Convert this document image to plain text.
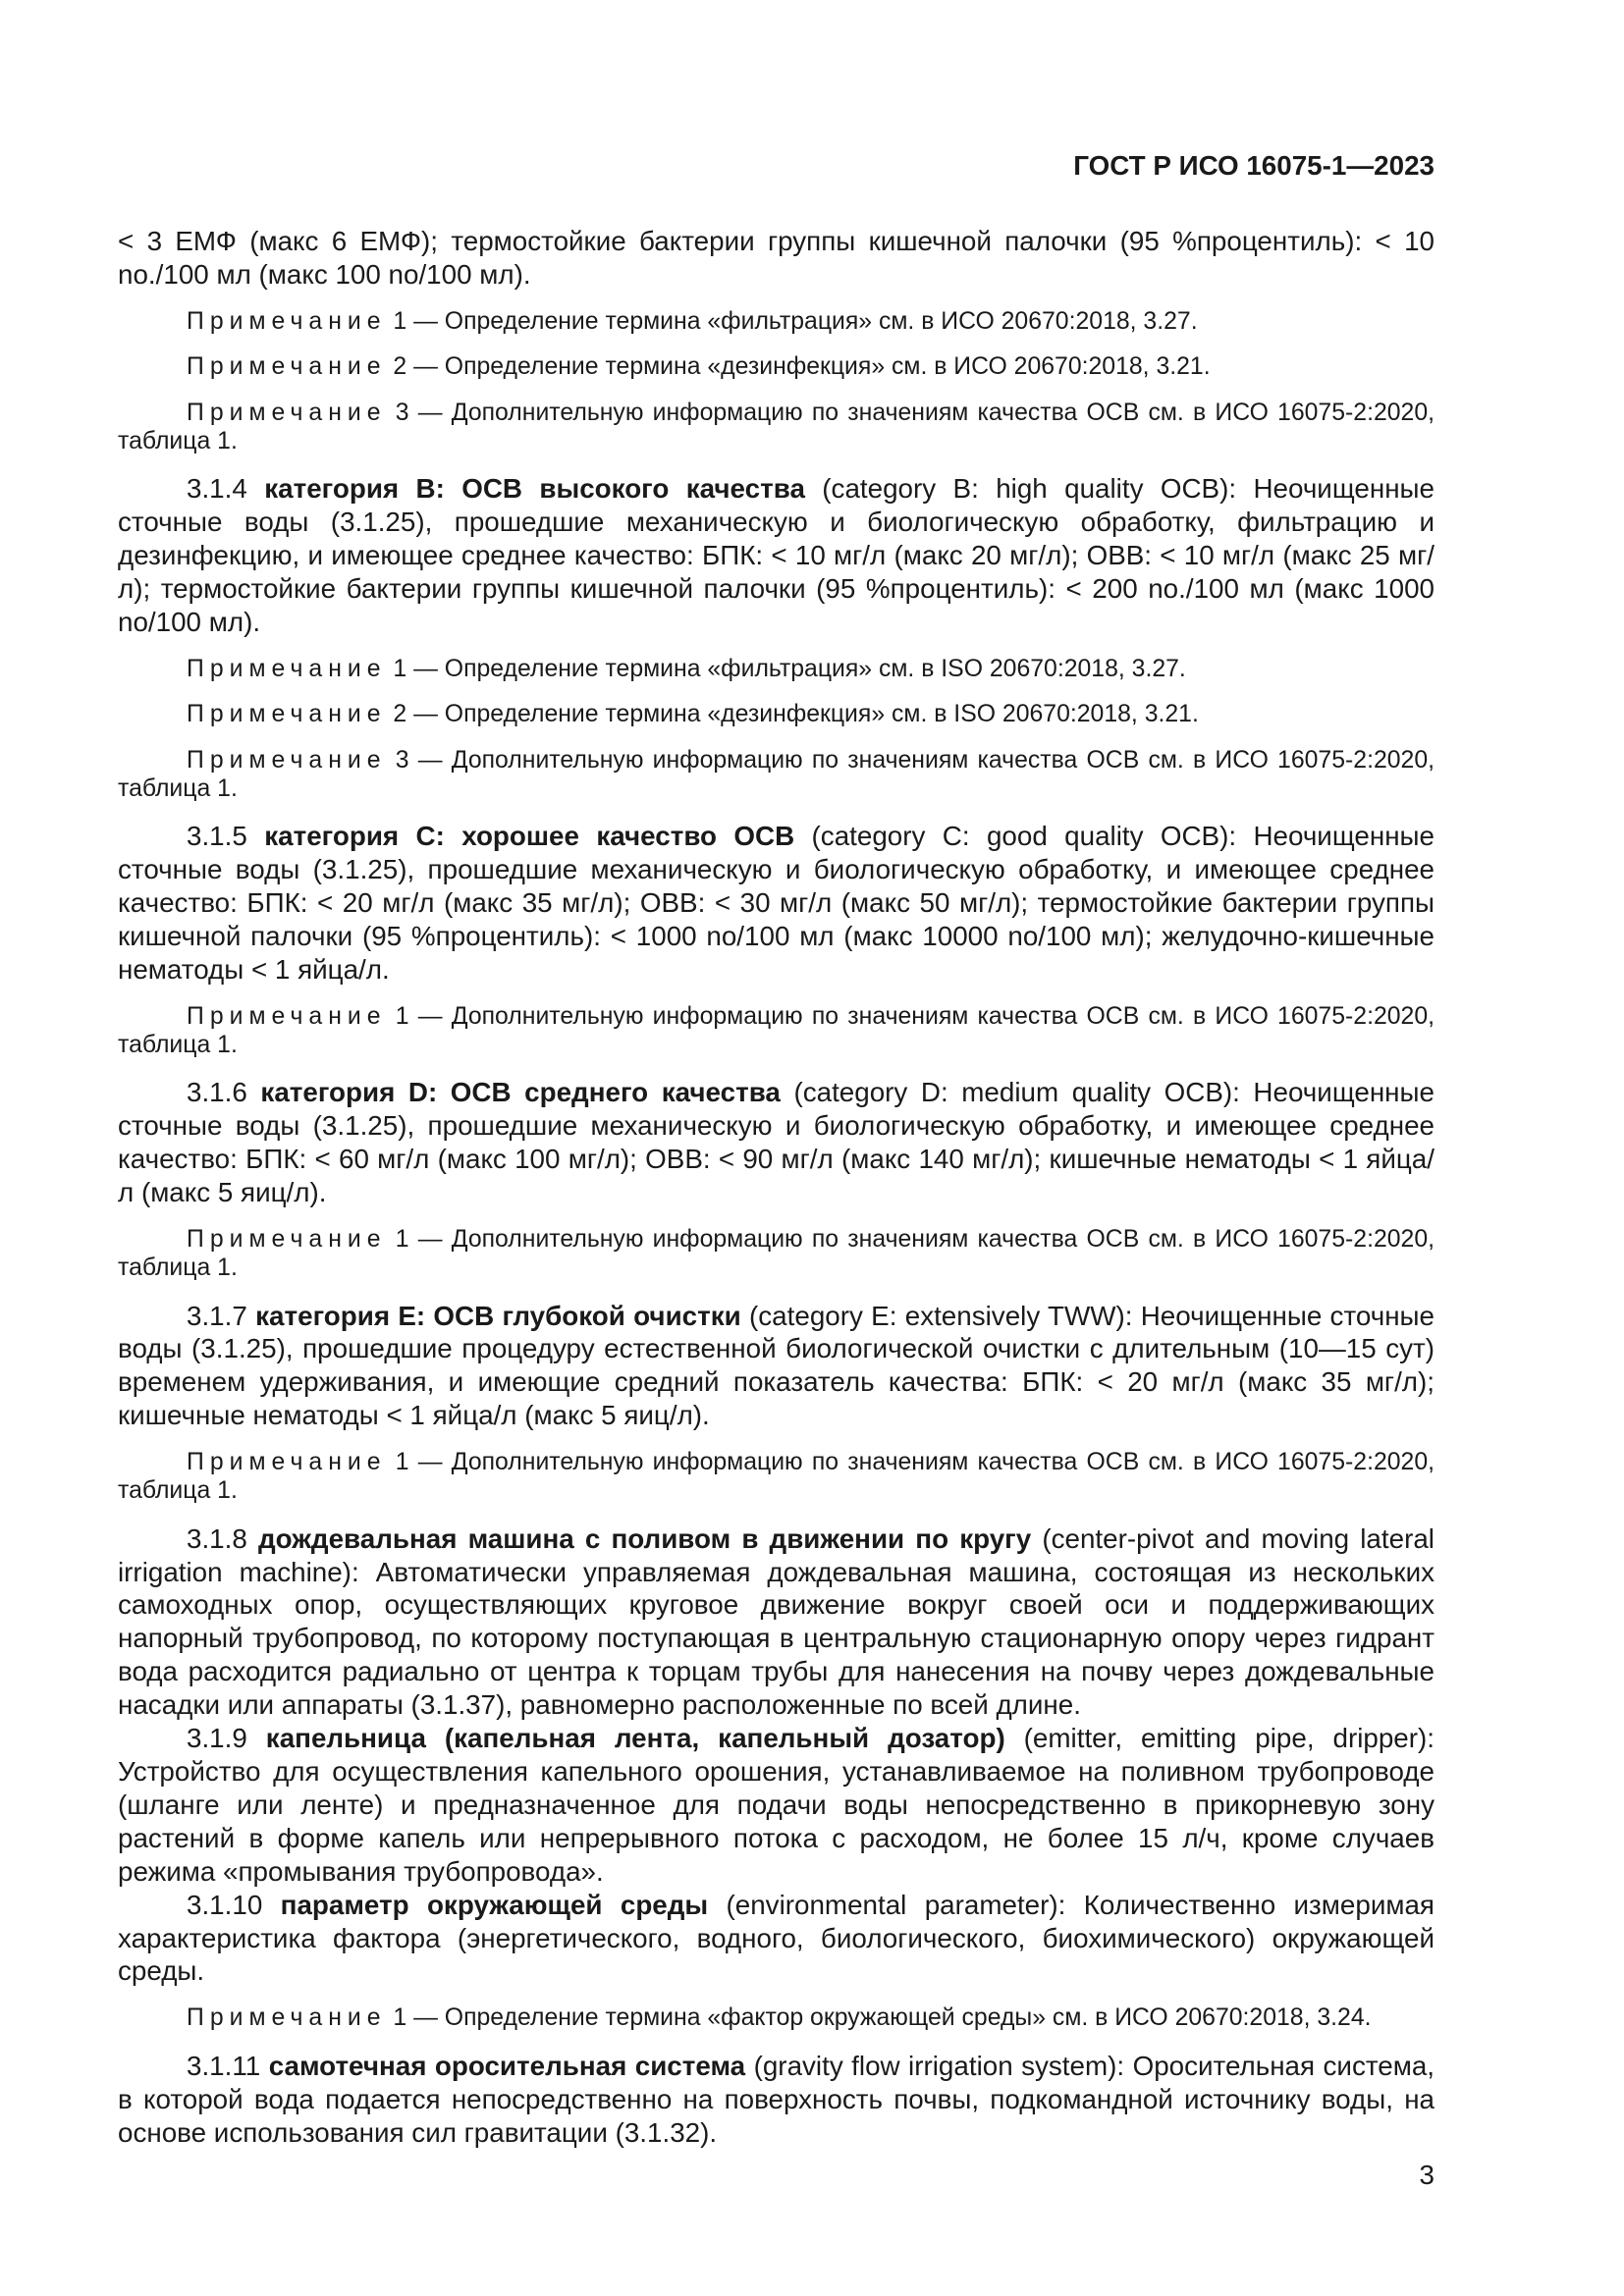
ГОСТ Р ИСО 16075-1—2023

< 3 ЕМФ (макс 6 ЕМФ); термостойкие бактерии группы кишечной палочки (95 %процентиль): < 10 no./100 мл (макс 100 no/100 мл).

Примечание 1 — Определение термина «фильтрация» см. в ИСО 20670:2018, 3.27.

Примечание 2 — Определение термина «дезинфекция» см. в ИСО 20670:2018, 3.21.

Примечание 3 — Дополнительную информацию по значениям качества ОСВ см. в ИСО 16075-2:2020, таблица 1.

3.1.4 категория В: ОСВ высокого качества (category B: high quality OCB): Неочищенные сточные воды (3.1.25), прошедшие механическую и биологическую обработку, фильтрацию и дезинфекцию, и имеющее среднее качество: БПК: < 10 мг/л (макс 20 мг/л); ОВВ: < 10 мг/л (макс 25 мг/л); термостойкие бактерии группы кишечной палочки (95 %процентиль): < 200 no./100 мл (макс 1000 no/100 мл).

Примечание 1 — Определение термина «фильтрация» см. в ISO 20670:2018, 3.27.

Примечание 2 — Определение термина «дезинфекция» см. в ISO 20670:2018, 3.21.

Примечание 3 — Дополнительную информацию по значениям качества ОСВ см. в ИСО 16075-2:2020, таблица 1.

3.1.5 категория С: хорошее качество ОСВ (category C: good quality OCB): Неочищенные сточные воды (3.1.25), прошедшие механическую и биологическую обработку, и имеющее среднее качество: БПК: < 20 мг/л (макс 35 мг/л); ОВВ: < 30 мг/л (макс 50 мг/л); термостойкие бактерии группы кишечной палочки (95 %процентиль): < 1000 no/100 мл (макс 10000 no/100 мл); желудочно-кишечные нематоды < 1 яйца/л.

Примечание 1 — Дополнительную информацию по значениям качества ОСВ см. в ИСО 16075-2:2020, таблица 1.

3.1.6 категория D: ОСВ среднего качества (category D: medium quality OCB): Неочищенные сточные воды (3.1.25), прошедшие механическую и биологическую обработку, и имеющее среднее качество: БПК: < 60 мг/л (макс 100 мг/л); ОВВ: < 90 мг/л (макс 140 мг/л); кишечные нематоды < 1 яйца/л (макс 5 яиц/л).

Примечание 1 — Дополнительную информацию по значениям качества ОСВ см. в ИСО 16075-2:2020, таблица 1.

3.1.7 категория Е: ОСВ глубокой очистки (category E: extensively TWW): Неочищенные сточные воды (3.1.25), прошедшие процедуру естественной биологической очистки с длительным (10—15 сут) временем удерживания, и имеющие средний показатель качества: БПК: < 20 мг/л (макс 35 мг/л); кишечные нематоды < 1 яйца/л (макс 5 яиц/л).

Примечание 1 — Дополнительную информацию по значениям качества ОСВ см. в ИСО 16075-2:2020, таблица 1.

3.1.8 дождевальная машина с поливом в движении по кругу (center-pivot and moving lateral irrigation machine): Автоматически управляемая дождевальная машина, состоящая из нескольких самоходных опор, осуществляющих круговое движение вокруг своей оси и поддерживающих напорный трубопровод, по которому поступающая в центральную стационарную опору через гидрант вода расходится радиально от центра к торцам трубы для нанесения на почву через дождевальные насадки или аппараты (3.1.37), равномерно расположенные по всей длине.

3.1.9 капельница (капельная лента, капельный дозатор) (emitter, emitting pipe, dripper): Устройство для осуществления капельного орошения, устанавливаемое на поливном трубопроводе (шланге или ленте) и предназначенное для подачи воды непосредственно в прикорневую зону растений в форме капель или непрерывного потока с расходом, не более 15 л/ч, кроме случаев режима «промывания трубопровода».

3.1.10 параметр окружающей среды (environmental parameter): Количественно измеримая характеристика фактора (энергетического, водного, биологического, биохимического) окружающей среды.

Примечание 1 — Определение термина «фактор окружающей среды» см. в ИСО 20670:2018, 3.24.

3.1.11 самотечная оросительная система (gravity flow irrigation system): Оросительная система, в которой вода подается непосредственно на поверхность почвы, подкомандной источнику воды, на основе использования сил гравитации (3.1.32).

3
